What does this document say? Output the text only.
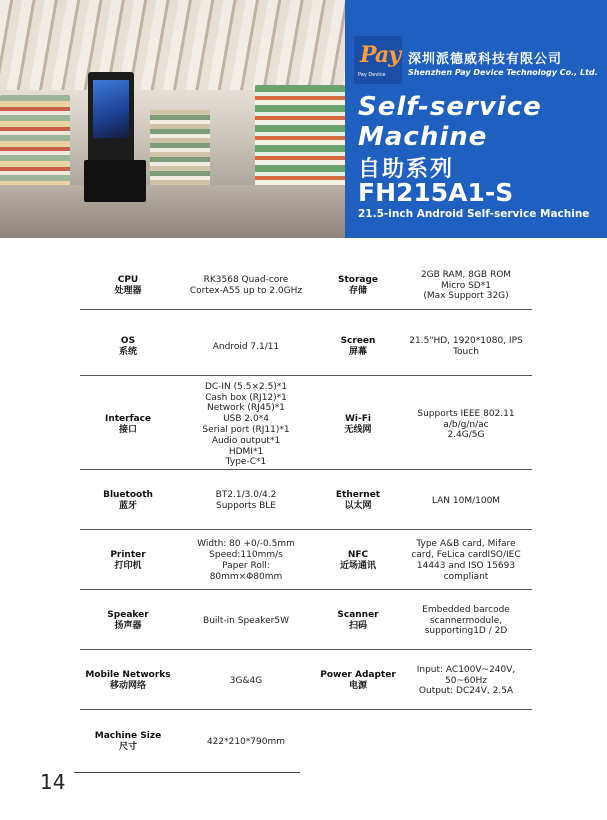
Pay
Pay Device
深圳派德威科技有限公司
Shenzhen Pay Device Technology Co., Ltd.
Self-service
Machine
自助系列
FH215A1-S
21.5-inch Android Self-service Machine
CPU
处理器
RK3568 Quad-core
Cortex-A55 up to 2.0GHz
Storage
存储
2GB RAM, 8GB ROM
Micro SD*1
(Max Support 32G)
OS
系统
Android 7.1/11
Screen
屏幕
21.5"HD, 1920*1080, IPS
Touch
Interface
接口
DC-IN (5.5×2.5)*1
Cash box (RJ12)*1
Network (RJ45)*1
USB 2.0*4
Serial port (RJ11)*1
Audio output*1
HDMI*1
Type-C*1
Wi-Fi
无线网
Supports IEEE 802.11
a/b/g/n/ac
2.4G/5G
Bluetooth
蓝牙
BT2.1/3.0/4.2
Supports BLE
Ethernet
以太网
LAN 10M/100M
Printer
打印机
Width: 80 +0/-0.5mm
Speed:110mm/s
Paper Roll:
80mm×Φ80mm
NFC
近场通讯
Type A&B card, Mifare
card, FeLica cardISO/IEC
14443 and ISO 15693
compliant
Speaker
扬声器
Built-in Speaker5W
Scanner
扫码
Embedded barcode
scannermodule,
supporting1D / 2D
Mobile Networks
移动网络
3G&4G
Power Adapter
电源
Input: AC100V~240V,
50~60Hz
Output: DC24V, 2.5A
Machine Size
尺寸
422*210*790mm
14
